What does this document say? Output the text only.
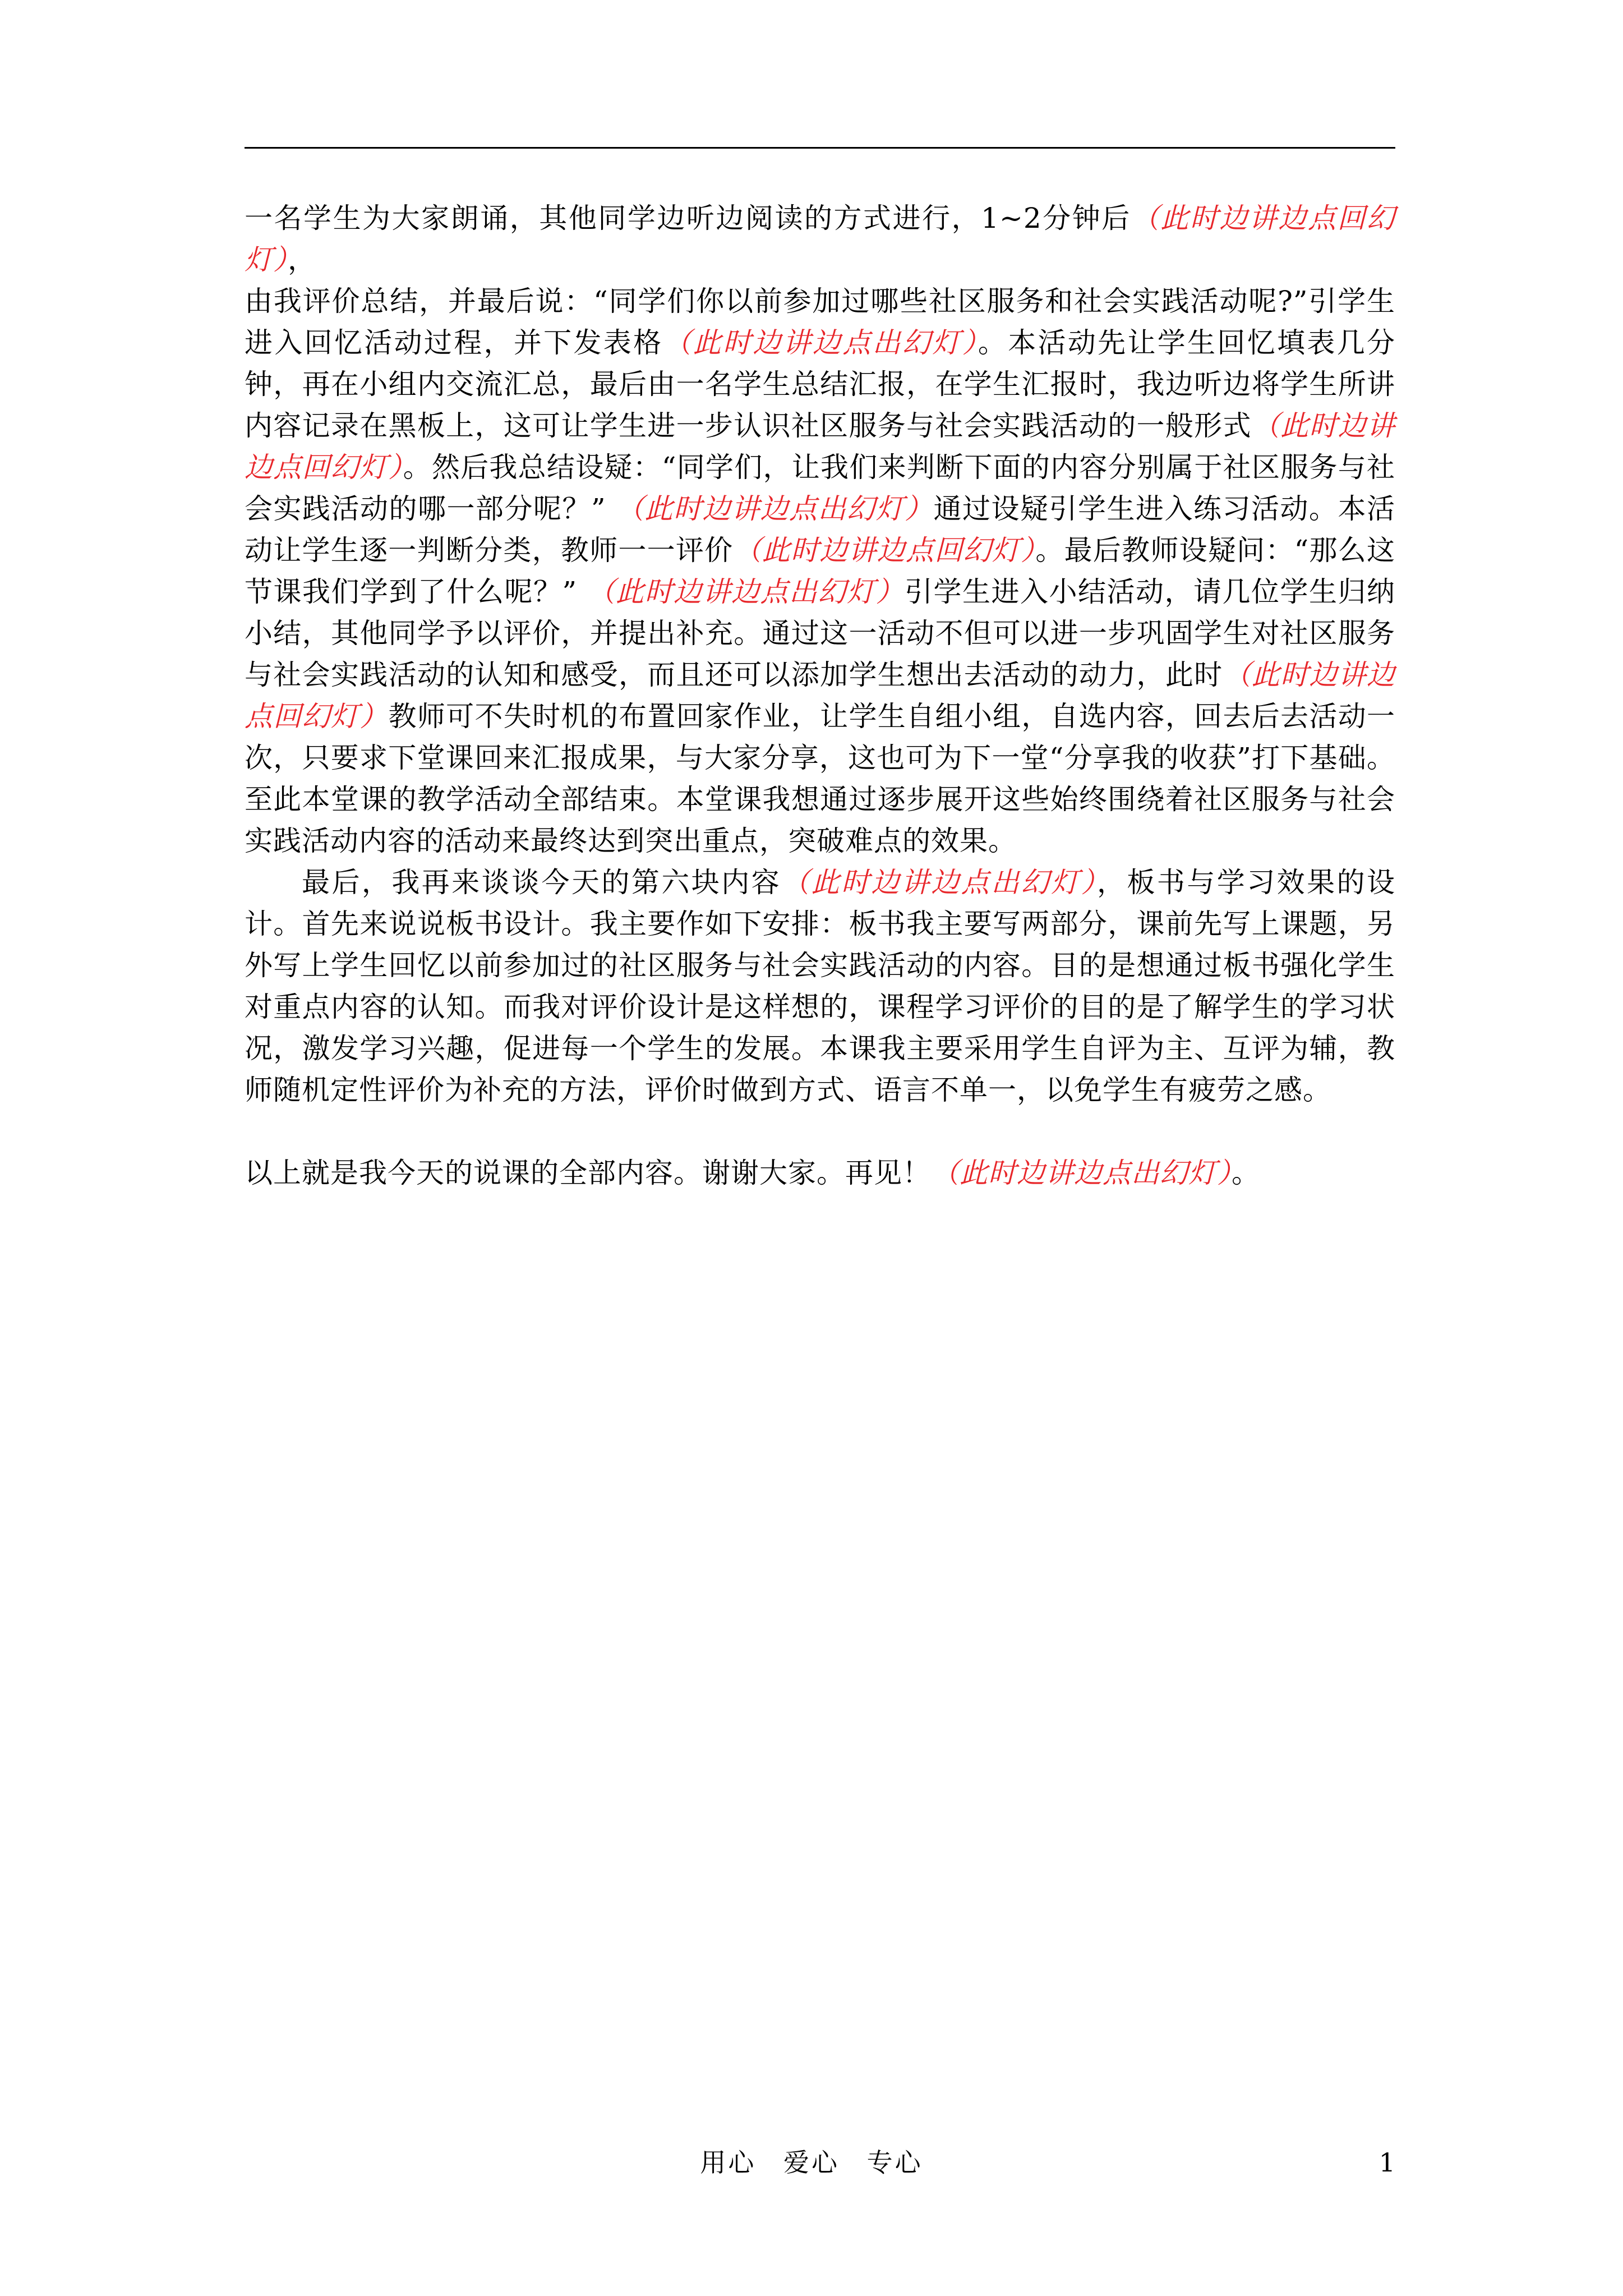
一名学生为大家朗诵，其他同学边听边阅读的方式进行，1~2分钟后（此时边讲边点回幻灯），

由我评价总结，并最后说：“同学们你以前参加过哪些社区服务和社会实践活动呢?”引学生进入回忆活动过程，并下发表格（此时边讲边点出幻灯）。本活动先让学生回忆填表几分钟，再在小组内交流汇总，最后由一名学生总结汇报，在学生汇报时，我边听边将学生所讲内容记录在黑板上，这可让学生进一步认识社区服务与社会实践活动的一般形式（此时边讲边点回幻灯）。然后我总结设疑：“同学们，让我们来判断下面的内容分别属于社区服务与社会实践活动的哪一部分呢？” （此时边讲边点出幻灯）通过设疑引学生进入练习活动。本活动让学生逐一判断分类，教师一一评价（此时边讲边点回幻灯）。最后教师设疑问：“那么这节课我们学到了什么呢？” （此时边讲边点出幻灯）引学生进入小结活动，请几位学生归纳小结，其他同学予以评价，并提出补充。通过这一活动不但可以进一步巩固学生对社区服务与社会实践活动的认知和感受，而且还可以添加学生想出去活动的动力，此时（此时边讲边点回幻灯）教师可不失时机的布置回家作业，让学生自组小组，自选内容，回去后去活动一次，只要求下堂课回来汇报成果，与大家分享，这也可为下一堂“分享我的收获”打下基础。至此本堂课的教学活动全部结束。本堂课我想通过逐步展开这些始终围绕着社区服务与社会实践活动内容的活动来最终达到突出重点，突破难点的效果。

最后，我再来谈谈今天的第六块内容（此时边讲边点出幻灯），板书与学习效果的设计。首先来说说板书设计。我主要作如下安排：板书我主要写两部分，课前先写上课题，另外写上学生回忆以前参加过的社区服务与社会实践活动的内容。目的是想通过板书强化学生对重点内容的认知。而我对评价设计是这样想的，课程学习评价的目的是了解学生的学习状况，激发学习兴趣，促进每一个学生的发展。本课我主要采用学生自评为主、互评为辅，教师随机定性评价为补充的方法，评价时做到方式、语言不单一，以免学生有疲劳之感。

以上就是我今天的说课的全部内容。谢谢大家。再见！（此时边讲边点出幻灯）。

用心 爱心 专心	1
